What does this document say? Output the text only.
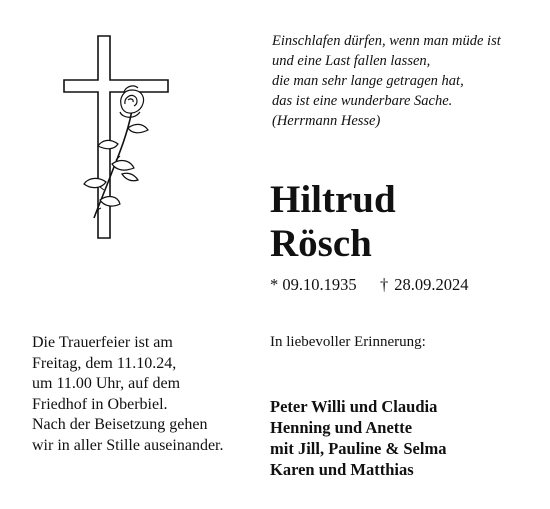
Einschlafen dürfen, wenn man müde ist
und eine Last fallen lassen,
die man sehr lange getragen hat,
das ist eine wunderbare Sache.
(Herrmann Hesse)
Hiltrud
Rösch
* 09.10.1935 † 28.09.2024
In liebevoller Erinnerung:
Die Trauerfeier ist am
Freitag, dem 11.10.24,
um 11.00 Uhr, auf dem
Friedhof in Oberbiel.
Nach der Beisetzung gehen
wir in aller Stille auseinander.
Peter Willi und Claudia
Henning und Anette
mit Jill, Pauline & Selma
Karen und Matthias
